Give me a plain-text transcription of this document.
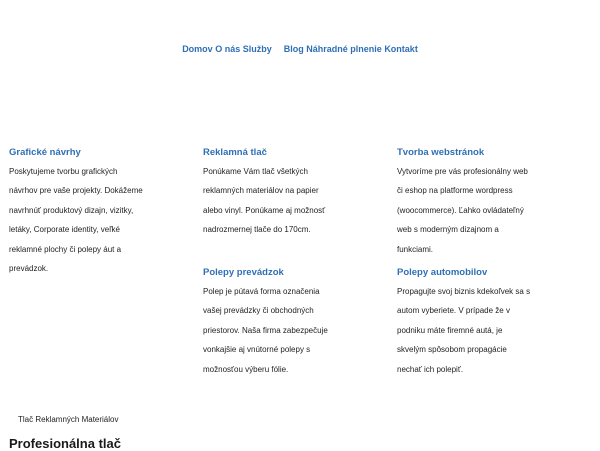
Domov O nás Služby Blog Náhradné plnenie Kontakt
Grafické návrhy

Poskytujeme tvorbu grafických
návrhov pre vaše projekty. Dokážeme
navrhnúť produktový dizajn, vizitky,
letáky, Corporate identity, veľké
reklamné plochy či polepy áut a
prevádzok.

Reklamná tlač

Ponúkame Vám tlač všetkých
reklamných materiálov na papier
alebo vinyl. Ponúkame aj možnosť
nadrozmernej tlače do 170cm.

Tvorba webstránok

Vytvoríme pre vás profesionálny web
či eshop na platforme wordpress
(woocommerce). Ľahko ovládateľný
web s moderným dizajnom a
funkciami.

Polepy prevádzok

Polep je pútavá forma označenia
vašej prevádzky či obchodných
priestorov. Naša firma zabezpečuje
vonkajšie aj vnútorné polepy s
možnosťou výberu fólie.

Polepy automobilov

Propagujte svoj biznis kdekoľvek sa s
autom vyberiete. V prípade že v
podniku máte firemné autá, je
skvelým spôsobom propagácie
nechať ich polepiť.

Tlač Reklamných Materiálov
Profesionálna tlač
